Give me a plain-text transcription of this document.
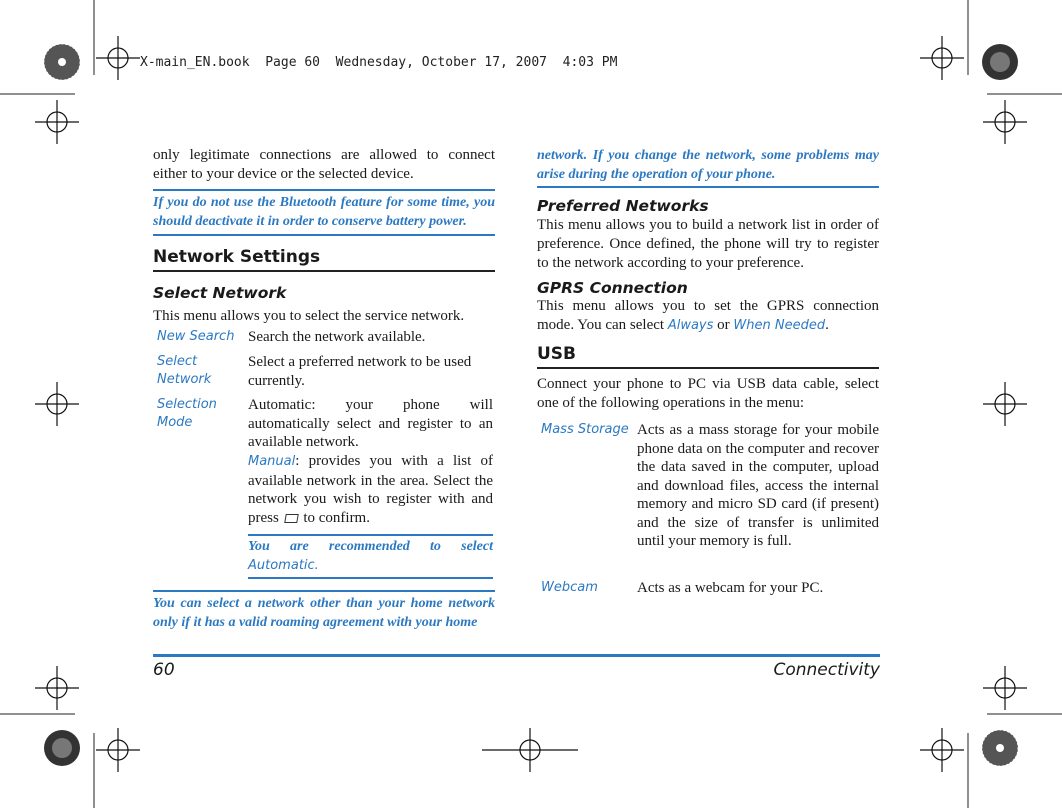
X-main_EN.book  Page 60  Wednesday, October 17, 2007  4:03 PM
only legitimate connections are allowed to connect either to your device or the selected device.
If you do not use the Bluetooth feature for some time, you should deactivate it in order to conserve battery power.
Network Settings
Select Network
This menu allows you to select the service network.
New Search Search the network available.
Select Network
Select a preferred network to be used currently.
Selection Mode
Automatic: your phone will automatically select and register to an available network.
Manual: provides you with a list of available network in the area. Select the network you wish to register with and press  to confirm.
You are recommended to select
Automatic.
You can select a network other than your home network only if it has a valid roaming agreement with your home
network. If you change the network, some problems may arise during the operation of your phone.
Preferred Networks
This menu allows you to build a network list in order of preference. Once defined, the phone will try to register to the network according to your preference.
GPRS Connection
This menu allows you to set the GPRS connection mode. You can select Always or When Needed.
USB
Connect your phone to PC via USB data cable, select one of the following operations in the menu:
Mass Storage Acts as a mass storage for your mobile phone data on the computer and recover the data saved in the computer, upload and download files, access the internal memory and micro SD card (if present) and the size of transfer is unlimited until your memory is full.
Webcam	Acts as a webcam for your PC.
60	Connectivity
